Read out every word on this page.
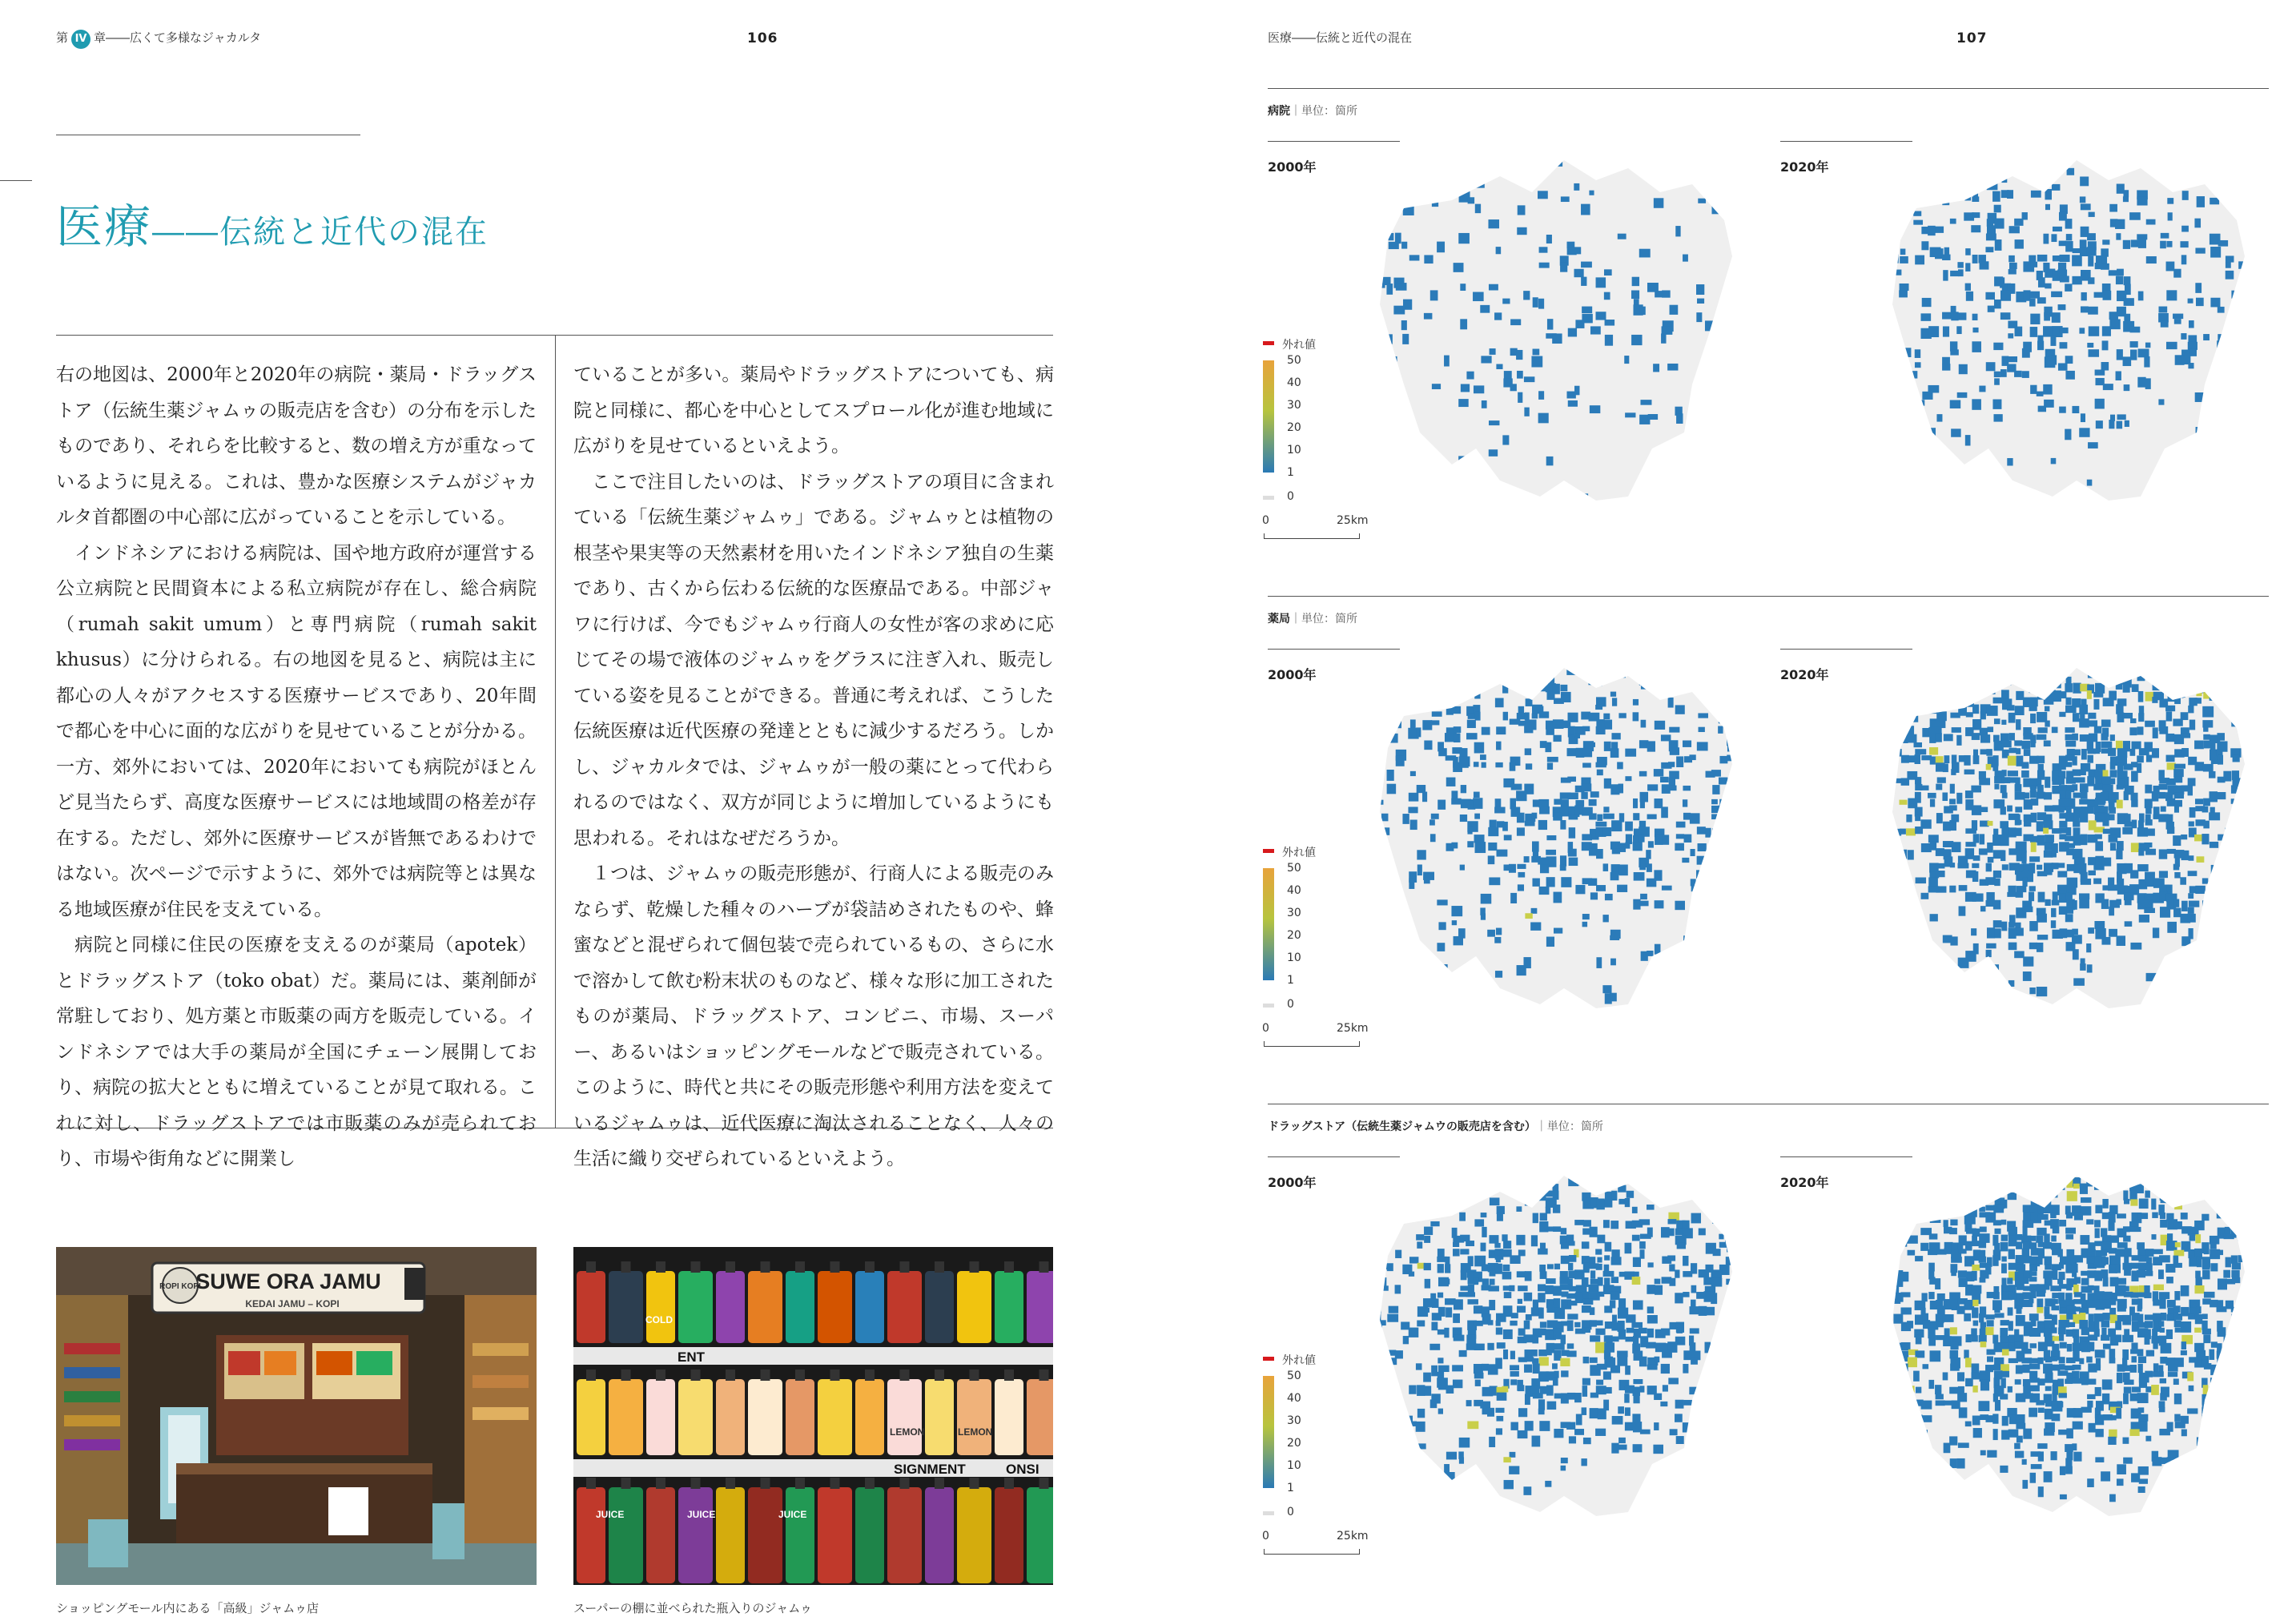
第 IV 章――広くて多様なジャカルタ	106
医療――伝統と近代の混在

右の地図は、2000年と2020年の病院・薬局・ドラッグストア（伝統生薬ジャムゥの販売店を含む）の分布を示したものであり、それらを比較すると、数の増え方が重なっているように見える。これは、豊かな医療システムがジャカルタ首都圏の中心部に広がっていることを示している。

インドネシアにおける病院は、国や地方政府が運営する公立病院と民間資本による私立病院が存在し、総合病院（rumah sakit umum）と専門病院（rumah sakit khusus）に分けられる。右の地図を見ると、病院は主に都心の人々がアクセスする医療サービスであり、20年間で都心を中心に面的な広がりを見せていることが分かる。一方、郊外においては、2020年においても病院がほとんど見当たらず、高度な医療サービスには地域間の格差が存在する。ただし、郊外に医療サービスが皆無であるわけではない。次ページで示すように、郊外では病院等とは異なる地域医療が住民を支えている。

病院と同様に住民の医療を支えるのが薬局（apotek）とドラッグストア（toko obat）だ。薬局には、薬剤師が常駐しており、処方薬と市販薬の両方を販売している。インドネシアでは大手の薬局が全国にチェーン展開しており、病院の拡大とともに増えていることが見て取れる。これに対し、ドラッグストアでは市販薬のみが売られており、市場や街角などに開業し

ていることが多い。薬局やドラッグストアについても、病院と同様に、都心を中心としてスプロール化が進む地域に広がりを見せているといえよう。

ここで注目したいのは、ドラッグストアの項目に含まれている「伝統生薬ジャムゥ」である。ジャムゥとは植物の根茎や果実等の天然素材を用いたインドネシア独自の生薬であり、古くから伝わる伝統的な医療品である。中部ジャワに行けば、今でもジャムゥ行商人の女性が客の求めに応じてその場で液体のジャムゥをグラスに注ぎ入れ、販売している姿を見ることができる。普通に考えれば、こうした伝統医療は近代医療の発達とともに減少するだろう。しかし、ジャカルタでは、ジャムゥが一般の薬にとって代わられるのではなく、双方が同じように増加しているようにも思われる。それはなぜだろうか。

１つは、ジャムゥの販売形態が、行商人による販売のみならず、乾燥した種々のハーブが袋詰めされたものや、蜂蜜などと混ぜられて個包装で売られているもの、さらに水で溶かして飲む粉末状のものなど、様々な形に加工されたものが薬局、ドラッグストア、コンビニ、市場、スーパー、あるいはショッピングモールなどで販売されている。このように、時代と共にその販売形態や利用方法を変えているジャムゥは、近代医療に淘汰されることなく、人々の生活に織り交ぜられているといえよう。

SUWE ORA JAMU
KEDAI JAMU – KOPI
ROPI KOPI
ショッピングモール内にある「高級」ジャムゥ店
ENT
SIGNMENT	ONSI
COLD
LEMON	LEMON
JUICE	JUICE	JUICE
スーパーの棚に並べられた瓶入りのジャムゥ
医療――伝統と近代の混在	107
病院｜単位：箇所
2000年	2020年
外れ値
50
40
30
20
10
1
0
0	25km
薬局｜単位：箇所
2000年	2020年
外れ値
50
40
30
20
10
1
0
0	25km
ドラッグストア（伝統生薬ジャムウの販売店を含む）｜単位：箇所
2000年	2020年
外れ値
50
40
30
20
10
1
0
0	25km
